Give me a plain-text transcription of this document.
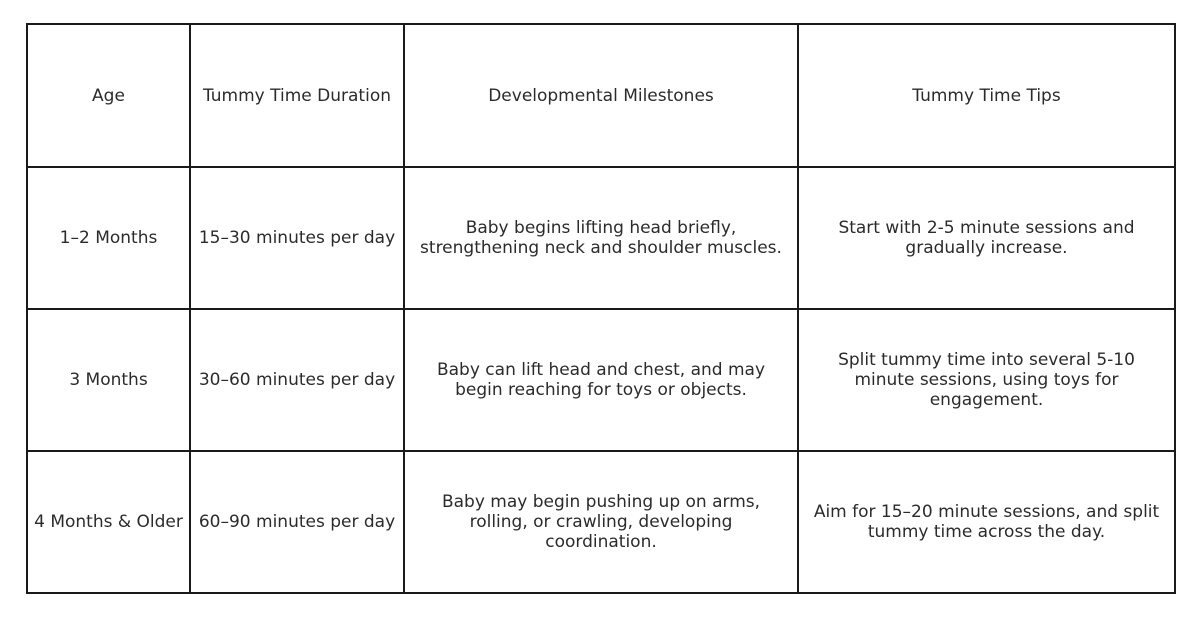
Age	Tummy Time Duration	Developmental Milestones	Tummy Time Tips
1–2 Months	15–30 minutes per day	Baby begins lifting head briefly, strengthening neck and shoulder muscles.	Start with 2-5 minute sessions and gradually increase.
3 Months	30–60 minutes per day	Baby can lift head and chest, and may begin reaching for toys or objects.	Split tummy time into several 5-10 minute sessions, using toys for engagement.
4 Months & Older	60–90 minutes per day	Baby may begin pushing up on arms, rolling, or crawling, developing coordination.	Aim for 15–20 minute sessions, and split tummy time across the day.
